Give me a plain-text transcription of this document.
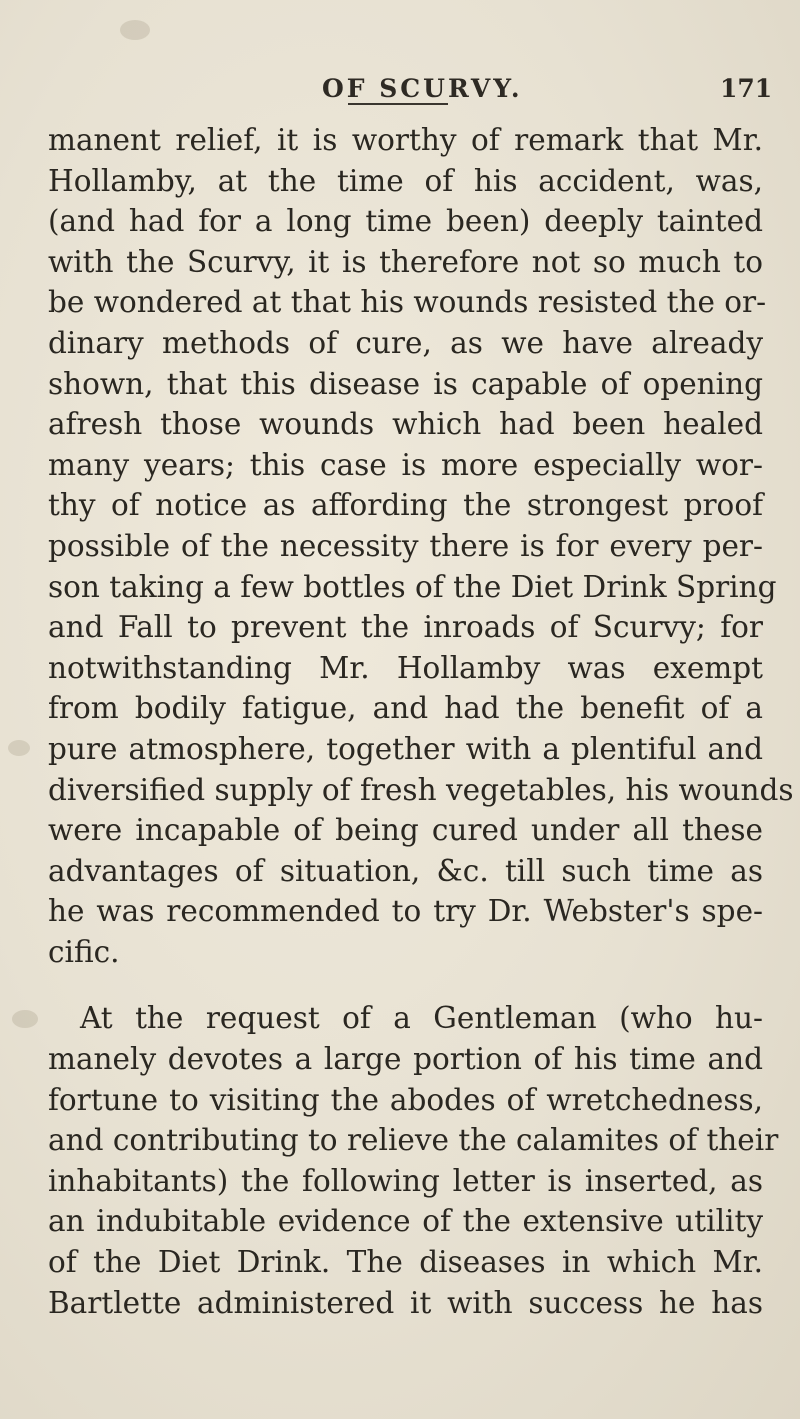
OF SCURVY.	171
manent relief, it is worthy of remark that Mr.
Hollamby, at the time of his accident, was,
(and had for a long time been) deeply tainted
with the Scurvy, it is therefore not so much to
be wondered at that his wounds resisted the or-
dinary methods of cure, as we have already
shown, that this disease is capable of opening
afresh those wounds which had been healed
many years; this case is more especially wor-
thy of notice as affording the strongest proof
possible of the necessity there is for every per-
son taking a few bottles of the Diet Drink Spring
and Fall to prevent the inroads of Scurvy; for
notwithstanding Mr. Hollamby was exempt
from bodily fatigue, and had the benefit of a
pure atmosphere, together with a plentiful and
diversified supply of fresh vegetables, his wounds
were incapable of being cured under all these
advantages of situation, &c. till such time as
he was recommended to try Dr. Webster's spe-
cific.
At the request of a Gentleman (who hu-
manely devotes a large portion of his time and
fortune to visiting the abodes of wretchedness,
and contributing to relieve the calamites of their
inhabitants) the following letter is inserted, as
an indubitable evidence of the extensive utility
of the Diet Drink. The diseases in which Mr.
Bartlette administered it with success he has
